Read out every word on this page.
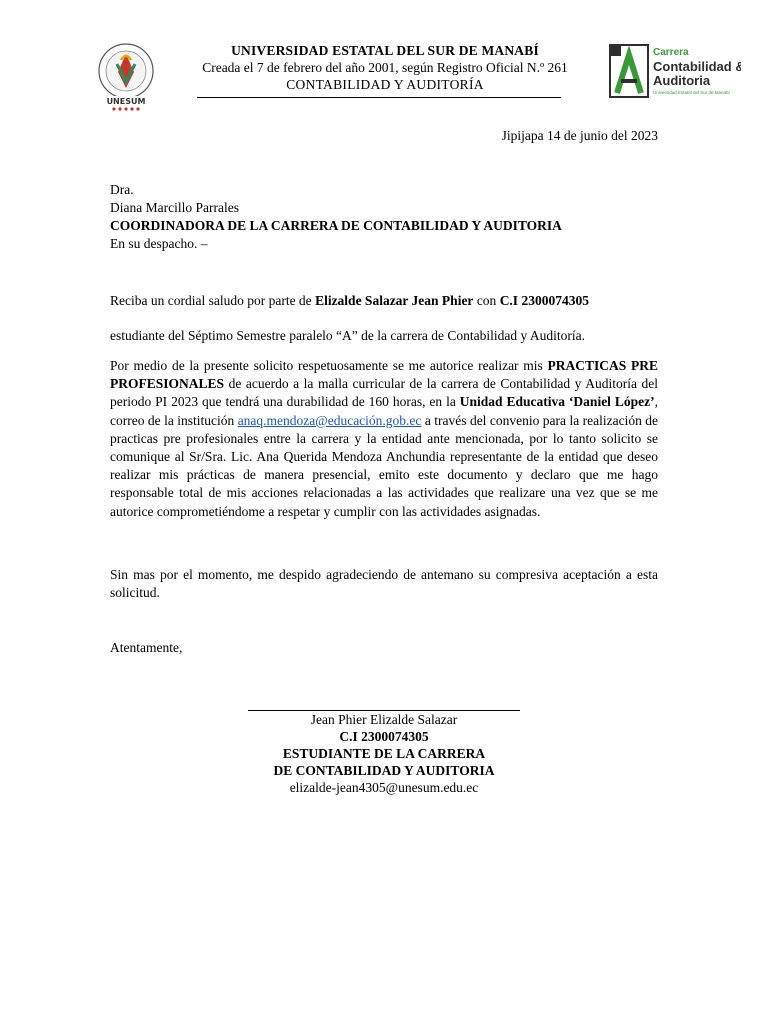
UNESUM
UNIVERSIDAD ESTATAL DEL SUR DE MANABÍ
Creada el 7 de febrero del año 2001, según Registro Oficial N.º 261
CONTABILIDAD Y AUDITORÍA
Carrera
Contabilidad &
Auditoria
Universidad Estatal del Sur de Manabí
Jipijapa 14 de junio del 2023
Dra.
Diana Marcillo Parrales
COORDINADORA DE LA CARRERA DE CONTABILIDAD Y AUDITORIA
En su despacho. –
Reciba un cordial saludo por parte de Elizalde Salazar Jean Phier con C.I 2300074305
estudiante del Séptimo Semestre paralelo “A” de la carrera de Contabilidad y Auditoría.
Por medio de la presente solicito respetuosamente se me autorice realizar mis PRACTICAS PRE PROFESIONALES de acuerdo a la malla curricular de la carrera de Contabilidad y Auditoría del periodo PI 2023 que tendrá una durabilidad de 160 horas, en la Unidad Educativa ‘Daniel López’, correo de la institución anaq.mendoza@educación.gob.ec a través del convenio para la realización de practicas pre profesionales entre la carrera y la entidad ante mencionada, por lo tanto solicito se comunique al Sr/Sra. Lic. Ana Querida Mendoza Anchundia representante de la entidad que deseo realizar mis prácticas de manera presencial, emito este documento y declaro que me hago responsable total de mis acciones relacionadas a las actividades que realizare una vez que se me autorice comprometiéndome a respetar y cumplir con las actividades asignadas.
Sin mas por el momento, me despido agradeciendo de antemano su compresiva aceptación a esta solicitud.
Atentamente,
Jean Phier Elizalde Salazar
C.I 2300074305
ESTUDIANTE DE LA CARRERA
DE CONTABILIDAD Y AUDITORIA
elizalde-jean4305@unesum.edu.ec
